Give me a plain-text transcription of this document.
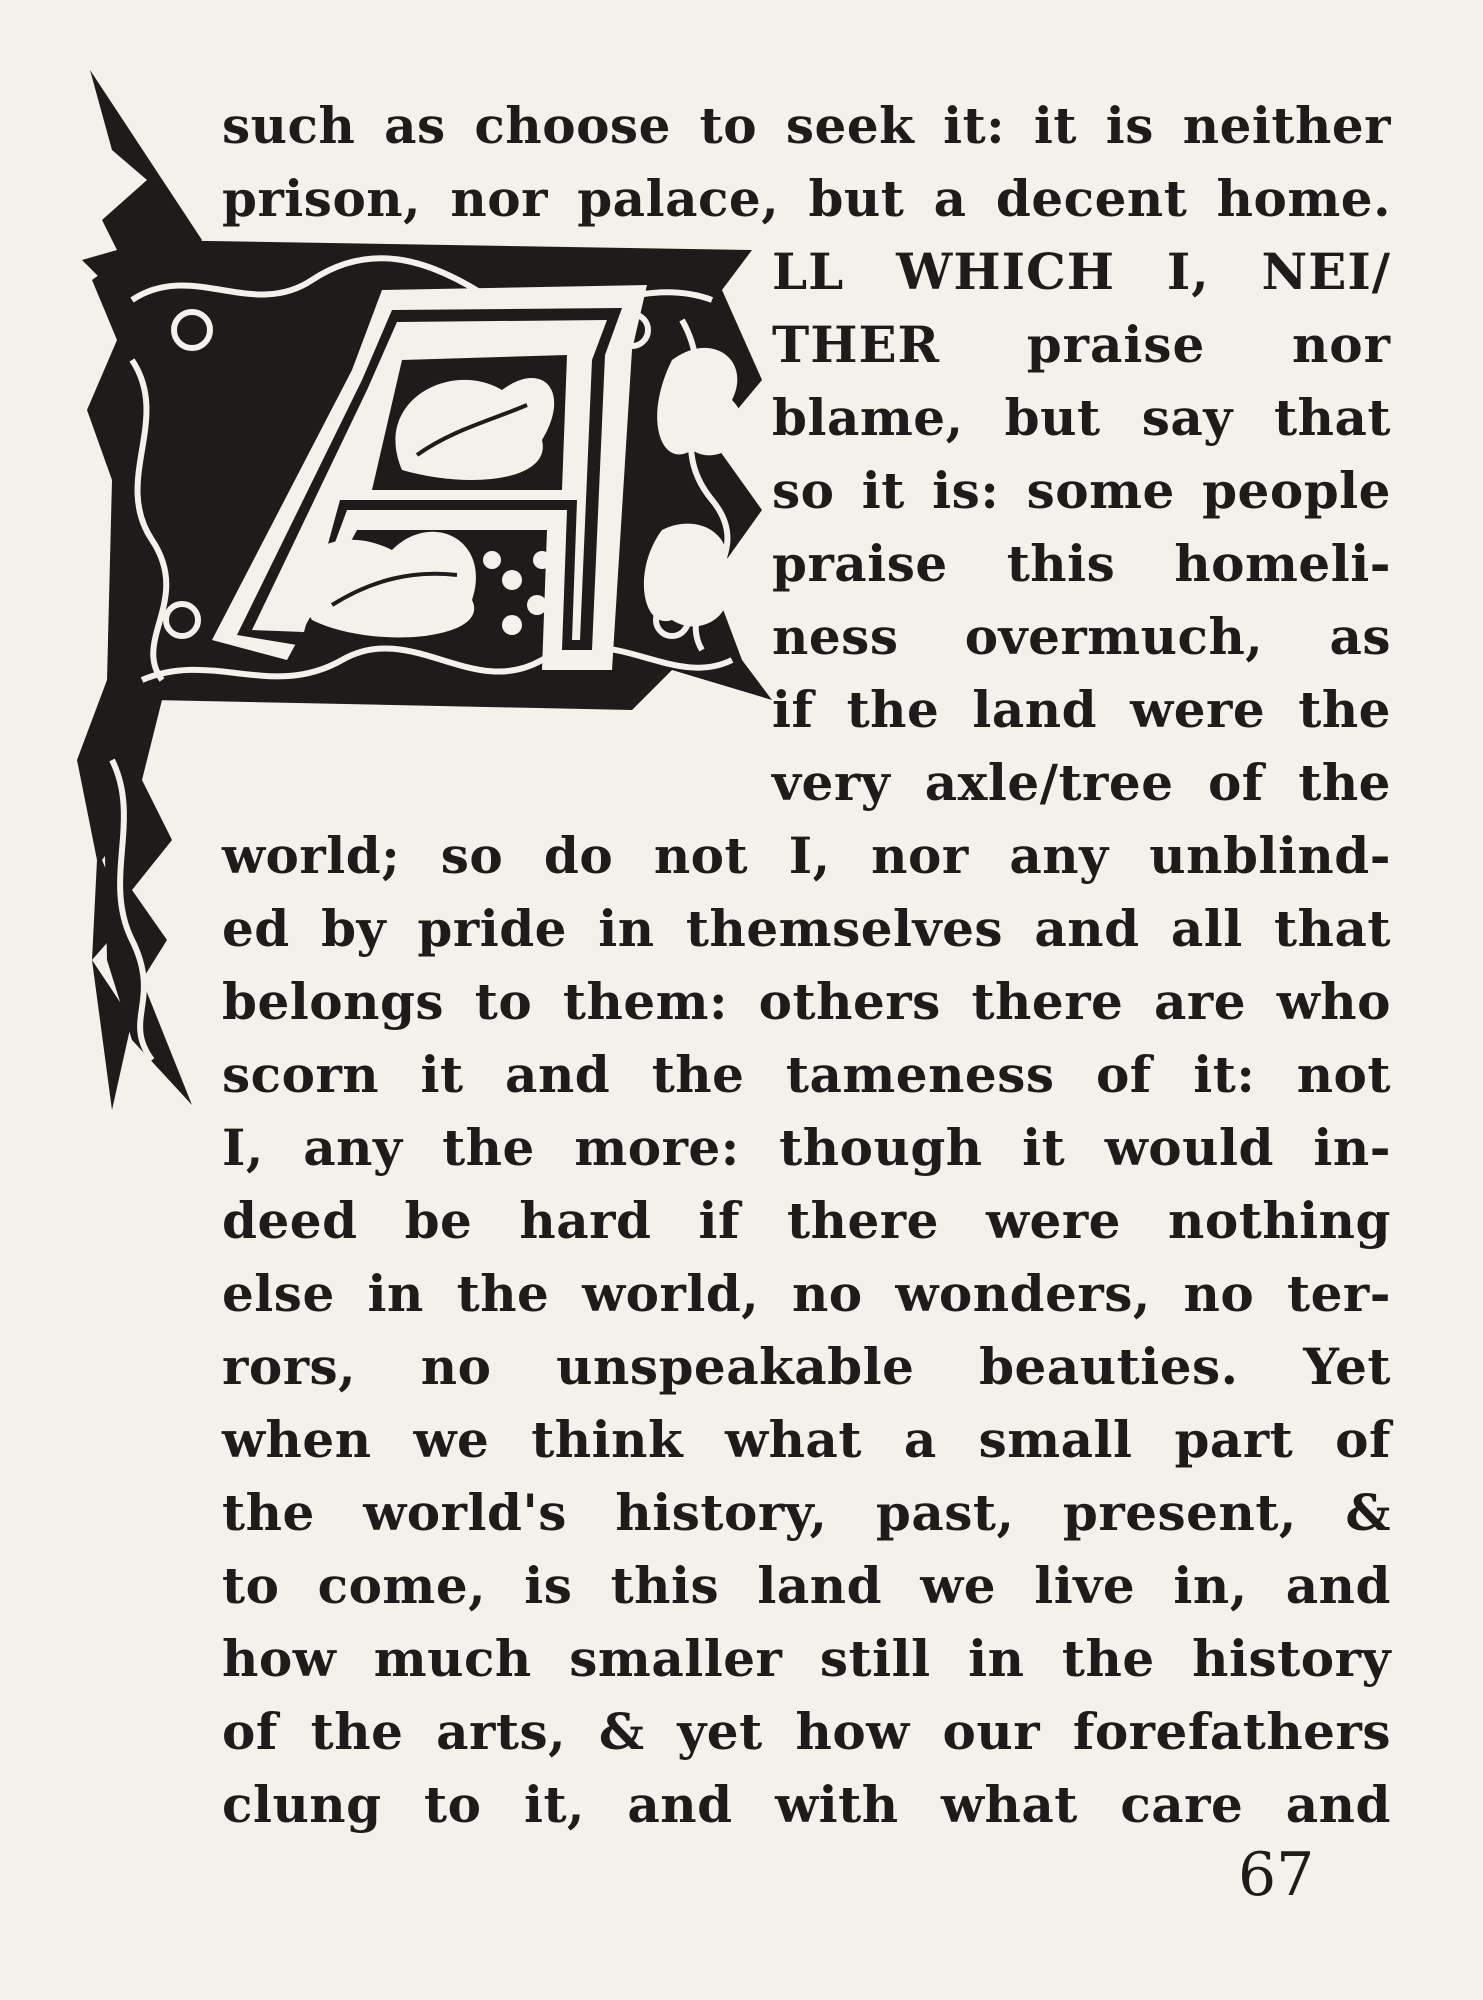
such as choose to seek it: it is neither
prison, nor palace, but a decent home.
LL WHICH I, NEI/
THER praise nor
blame, but say that
so it is: some people
praise this homeli-
ness overmuch, as
if the land were the
very axle/tree of the
world; so do not I, nor any unblind-
ed by pride in themselves and all that
belongs to them: others there are who
scorn it and the tameness of it: not
I, any the more: though it would in-
deed be hard if there were nothing
else in the world, no wonders, no ter-
rors, no unspeakable beauties. Yet
when we think what a small part of
the world's history, past, present, &
to come, is this land we live in, and
how much smaller still in the history
of the arts, & yet how our forefathers
clung to it, and with what care and
67
